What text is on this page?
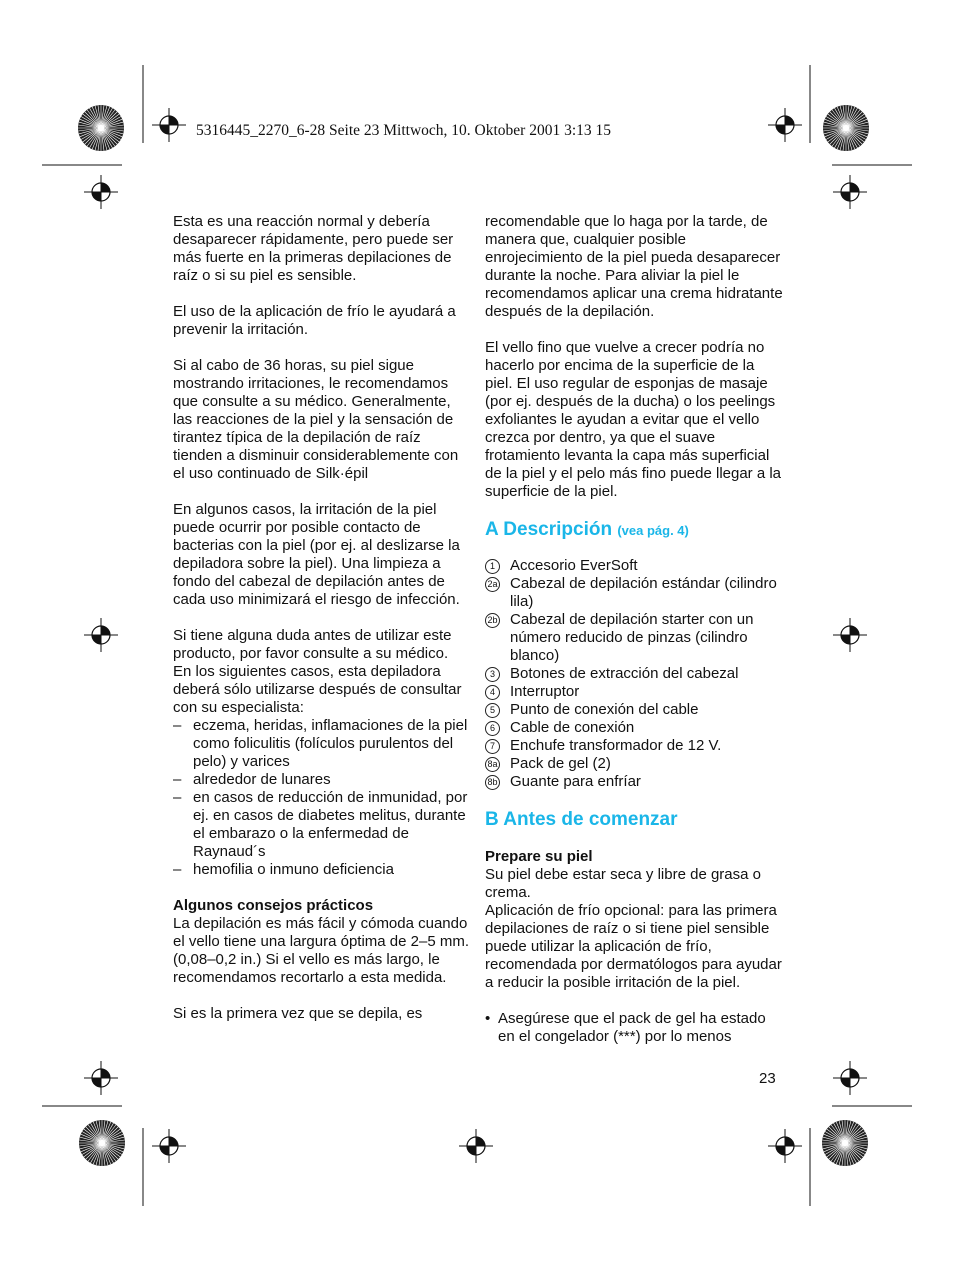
5316445_2270_6-28 Seite 23 Mittwoch, 10. Oktober 2001 3:13 15

Esta es una reacción normal y debería desaparecer rápidamente, pero puede ser más fuerte en la primeras depilaciones de raíz o si su piel es sensible.

El uso de la aplicación de frío le ayudará a prevenir la irritación.

Si al cabo de 36 horas, su piel sigue mostrando irritaciones, le recomendamos que consulte a su médico. Generalmente, las reacciones de la piel y la sensación de tirantez típica de la depilación de raíz tienden a disminuir considerablemente con el uso continuado de Silk·épil

En algunos casos, la irritación de la piel puede ocurrir por posible contacto de bacterias con la piel (por ej. al deslizarse la depiladora sobre la piel). Una limpieza a fondo del cabezal de depilación antes de cada uso minimizará el riesgo de infección.

Si tiene alguna duda antes de utilizar este producto, por favor consulte a su médico. En los siguientes casos, esta depiladora deberá sólo utilizarse después de consultar con su especialista:

– eczema, heridas, inflamaciones de la piel como foliculitis (folículos purulentos del pelo) y varices
– alrededor de lunares
– en casos de reducción de inmunidad, por ej. en casos de diabetes melitus, durante el embarazo o la enfermedad de Raynaud´s
– hemofilia o inmuno deficiencia

Algunos consejos prácticos

La depilación es más fácil y cómoda cuando el vello tiene una largura óptima de 2–5 mm. (0,08–0,2 in.) Si el vello es más largo, le recomendamos recortarlo a esta medida.

Si es la primera vez que se depila, es

recomendable que lo haga por la tarde, de manera que, cualquier posible enrojecimiento de la piel pueda desaparecer durante la noche. Para aliviar la piel le recomendamos aplicar una crema hidratante después de la depilación.

El vello fino que vuelve a crecer podría no hacerlo por encima de la superficie de la piel. El uso regular de esponjas de masaje (por ej. después de la ducha) o los peelings exfoliantes le ayudan a evitar que el vello crezca por dentro, ya que el suave frotamiento levanta la capa más superficial de la piel y el pelo más fino puede llegar a la superficie de la piel.

A Descripción (vea pág. 4)
1	Accesorio EverSoft
2a Cabezal de depilación estándar (cilindro lila)
2b Cabezal de depilación starter con un número reducido de pinzas (cilindro blanco)
3	Botones de extracción del cabezal
4	Interruptor
5	Punto de conexión del cable
6	Cable de conexión
7	Enchufe transformador de 12 V.
8a Pack de gel (2)
8b Guante para enfríar
B Antes de comenzar

Prepare su piel

Su piel debe estar seca y libre de grasa o crema.

Aplicación de frío opcional: para las primera depilaciones de raíz o si tiene piel sensible puede utilizar la aplicación de frío, recomendada por dermatólogos para ayudar a reducir la posible irritación de la piel.

• Asegúrese que el pack de gel ha estado en el congelador (***) por lo menos
23
